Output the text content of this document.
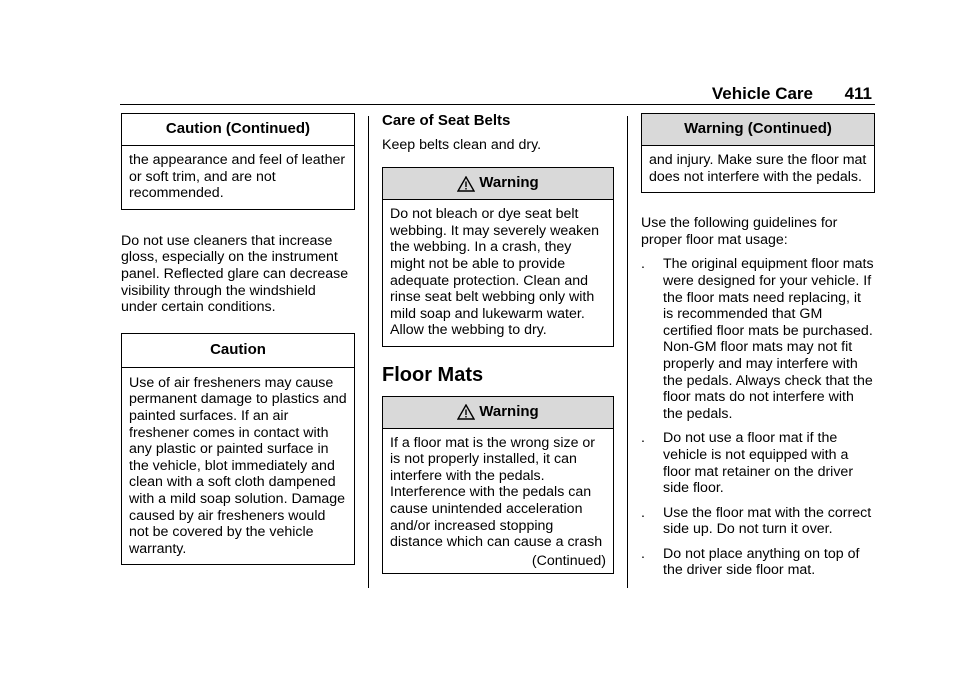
Vehicle Care 411
Caution (Continued)
the appearance and feel of leather or soft trim, and are not recommended.

Do not use cleaners that increase gloss, especially on the instrument panel. Reflected glare can decrease visibility through the windshield under certain conditions.

Caution
Use of air fresheners may cause permanent damage to plastics and painted surfaces. If an air freshener comes in contact with any plastic or painted surface in the vehicle, blot immediately and clean with a soft cloth dampened with a mild soap solution. Damage caused by air fresheners would not be covered by the vehicle warranty.
Care of Seat Belts

Keep belts clean and dry.

Warning
Do not bleach or dye seat belt webbing. It may severely weaken the webbing. In a crash, they might not be able to provide adequate protection. Clean and rinse seat belt webbing only with mild soap and lukewarm water. Allow the webbing to dry.
Floor Mats
Warning

If a floor mat is the wrong size or is not properly installed, it can interfere with the pedals. Interference with the pedals can cause unintended acceleration and/or increased stopping distance which can cause a crash

(Continued)

Warning (Continued)
and injury. Make sure the floor mat does not interfere with the pedals.

Use the following guidelines for proper floor mat usage:

. The original equipment floor mats were designed for your vehicle. If the floor mats need replacing, it is recommended that GM certified floor mats be purchased. Non-GM floor mats may not fit properly and may interfere with the pedals. Always check that the floor mats do not interfere with the pedals.
. Do not use a floor mat if the vehicle is not equipped with a floor mat retainer on the driver side floor.
. Use the floor mat with the correct side up. Do not turn it over.
. Do not place anything on top of the driver side floor mat.
